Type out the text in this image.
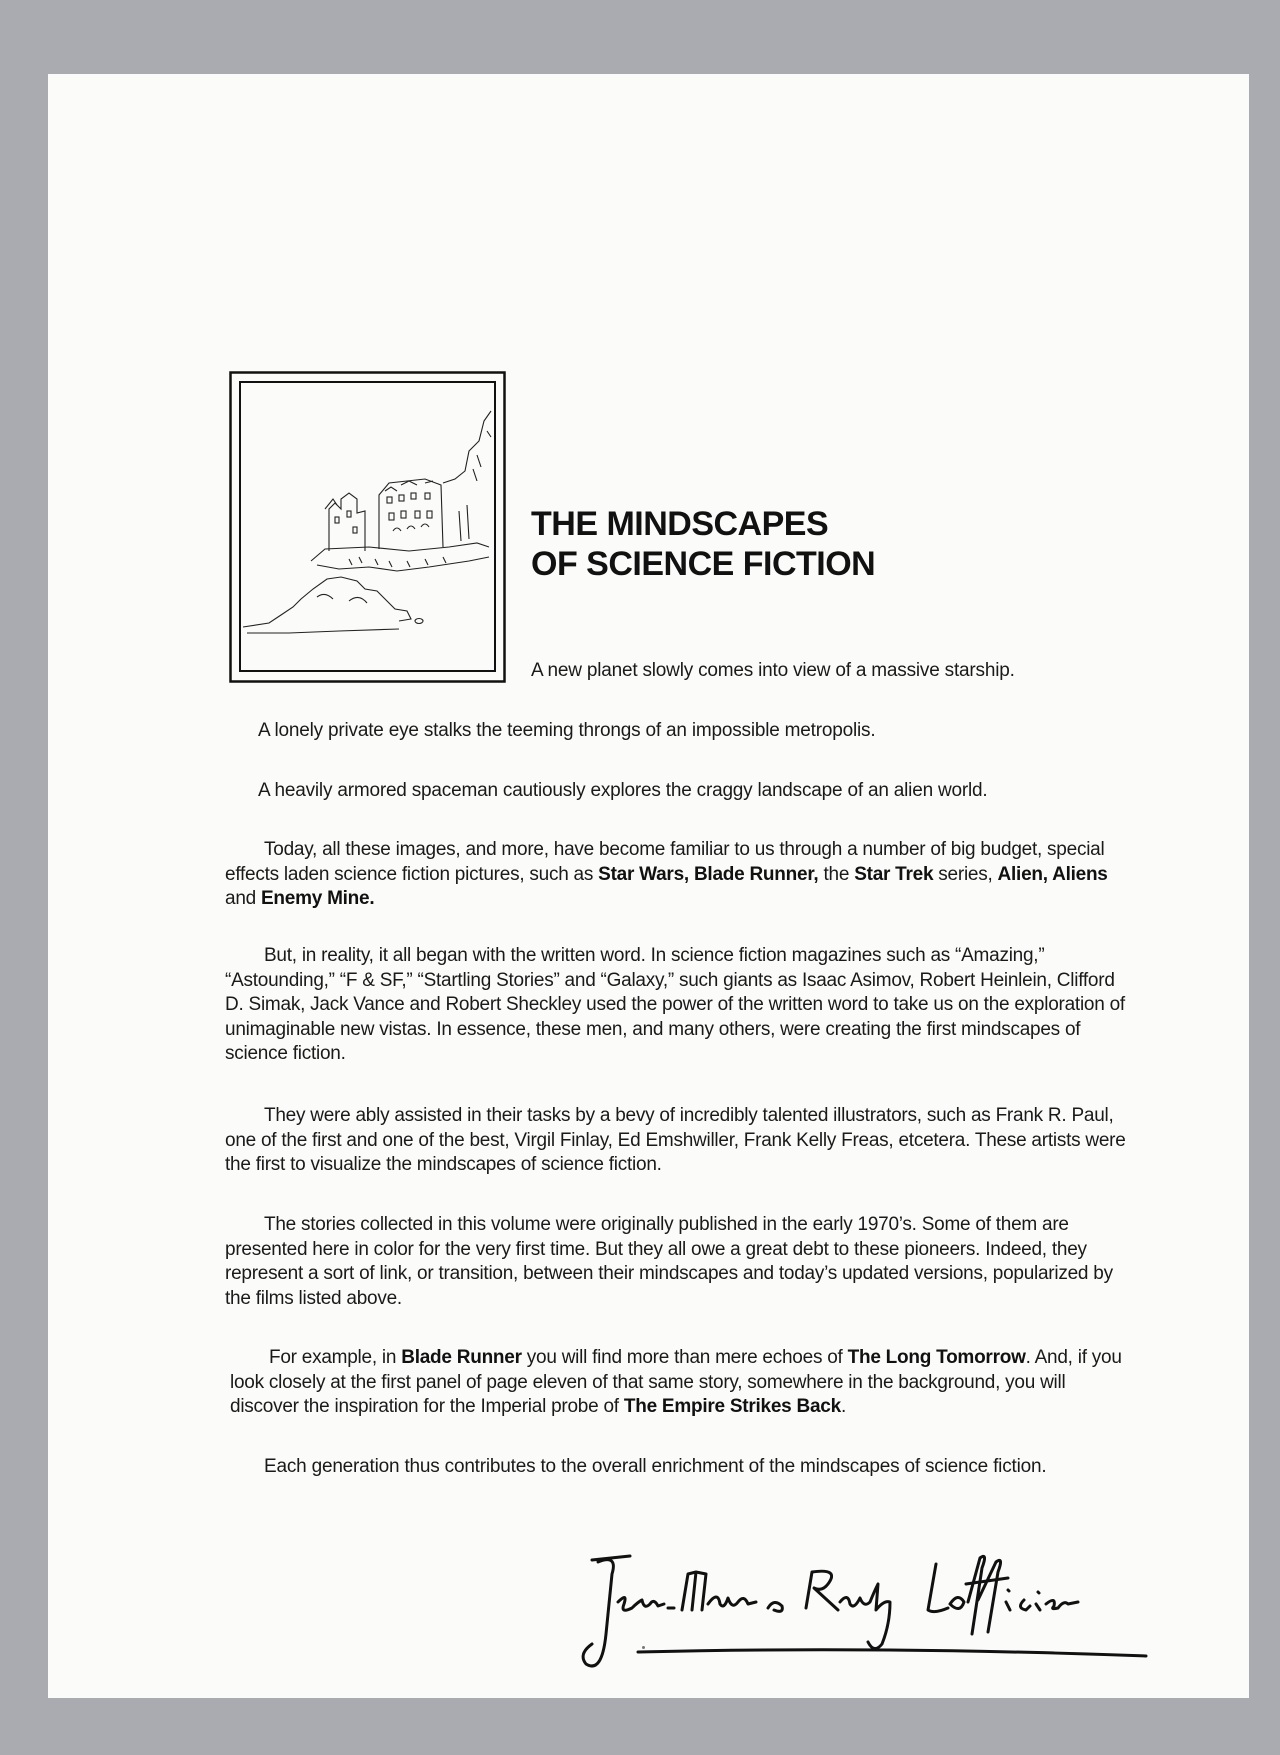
THE MINDSCAPES
OF SCIENCE FICTION

A new planet slowly comes into view of a massive starship.

A lonely private eye stalks the teeming throngs of an impossible metropolis.

A heavily armored spaceman cautiously explores the craggy landscape of an alien world.

Today, all these images, and more, have become familiar to us through a number of big budget, special effects laden science fiction pictures, such as Star Wars, Blade Runner, the Star Trek series, Alien, Aliens and Enemy Mine.

But, in reality, it all began with the written word. In science fiction magazines such as “Amazing,” “Astounding,” “F & SF,” “Startling Stories” and “Galaxy,” such giants as Isaac Asimov, Robert Heinlein, Clifford D. Simak, Jack Vance and Robert Sheckley used the power of the written word to take us on the exploration of unimaginable new vistas. In essence, these men, and many others, were creating the first mindscapes of science fiction.

They were ably assisted in their tasks by a bevy of incredibly talented illustrators, such as Frank R. Paul, one of the first and one of the best, Virgil Finlay, Ed Emshwiller, Frank Kelly Freas, etcetera. These artists were the first to visualize the mindscapes of science fiction.

The stories collected in this volume were originally published in the early 1970’s. Some of them are presented here in color for the very first time. But they all owe a great debt to these pioneers. Indeed, they represent a sort of link, or transition, between their mindscapes and today’s updated versions, popularized by the films listed above.

For example, in Blade Runner you will find more than mere echoes of The Long Tomorrow. And, if you look closely at the first panel of page eleven of that same story, somewhere in the background, you will discover the inspiration for the Imperial probe of The Empire Strikes Back.

Each generation thus contributes to the overall enrichment of the mindscapes of science fiction.
